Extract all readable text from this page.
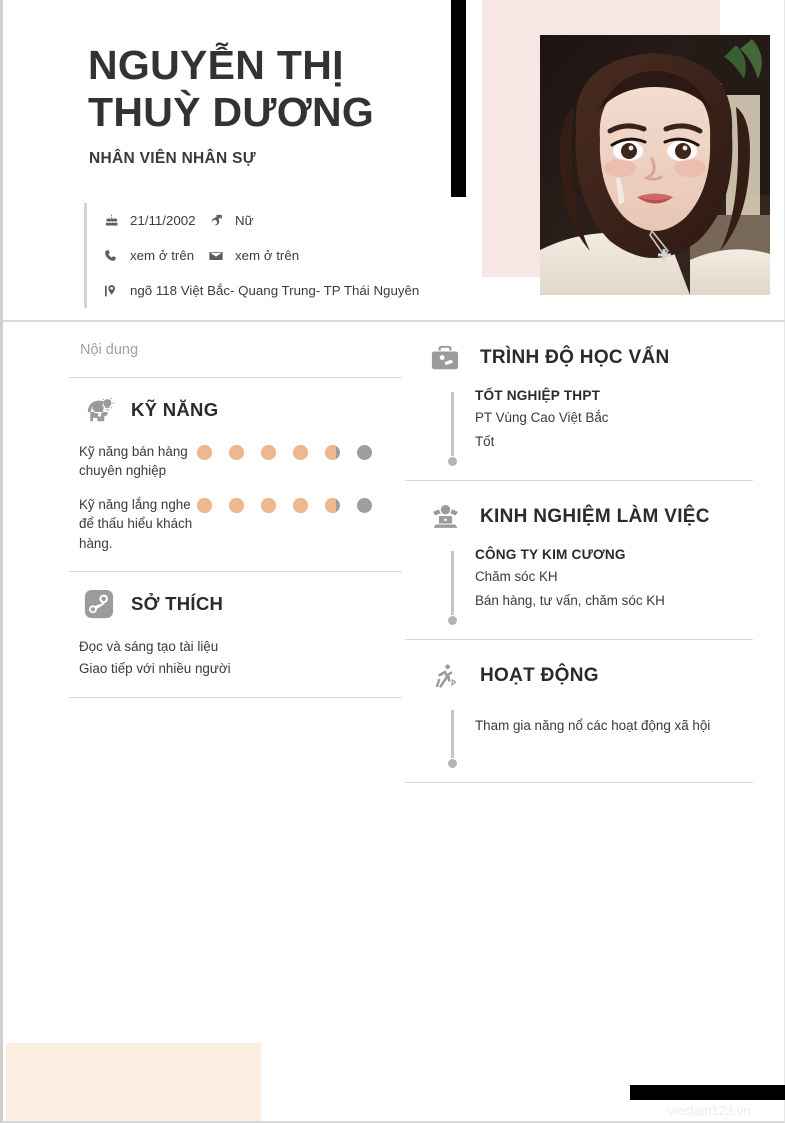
NGUYỄN THỊ THUỲ DƯƠNG
NHÂN VIÊN NHÂN SỰ
21/11/2002	Nữ
xem ở trên	xem ở trên
ngõ 118 Việt Bắc- Quang Trung- TP Thái Nguyên
Nội dung
KỸ NĂNG
Kỹ năng bán hàng chuyên nghiệp
Kỹ năng lắng nghe để thấu hiểu khách hàng.
SỞ THÍCH

Đọc và sáng tạo tài liệu

Giao tiếp với nhiều người

TRÌNH ĐỘ HỌC VẤN
TỐT NGHIỆP THPT
PT Vùng Cao Việt Bắc
Tốt
KINH NGHIỆM LÀM VIỆC
CÔNG TY KIM CƯƠNG
Chăm sóc KH
Bán hàng, tư vấn, chăm sóc KH
HOẠT ĐỘNG
Tham gia năng nổ các hoạt động xã hội
vieclam123.vn
